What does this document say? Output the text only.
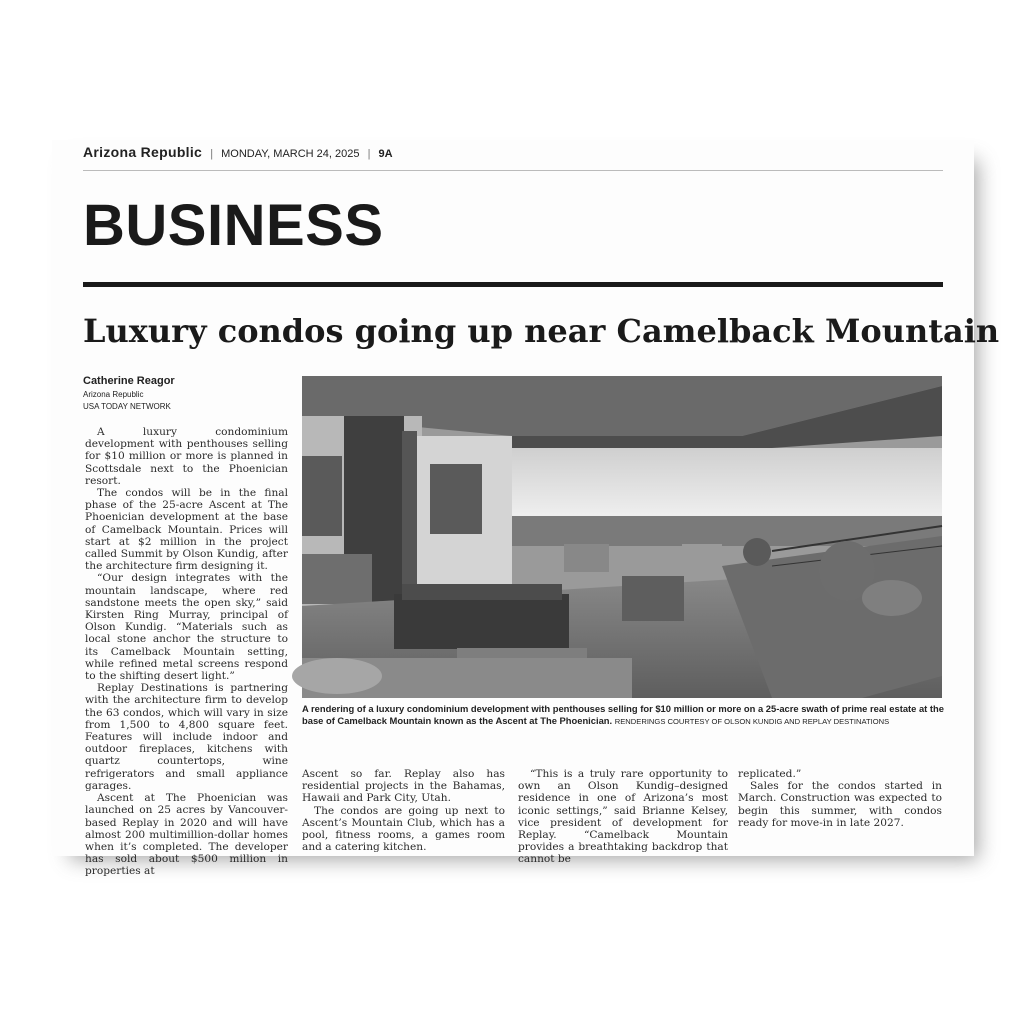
Arizona Republic | MONDAY, MARCH 24, 2025 | 9A
BUSINESS
Luxury condos going up near Camelback Mountain
Catherine Reagor
Arizona Republic
USA TODAY NETWORK

A luxury condominium development with penthouses selling for $10 million or more is planned in Scottsdale next to the Phoenician resort.

The condos will be in the final phase of the 25-acre Ascent at The Phoenician development at the base of Camelback Mountain. Prices will start at $2 million in the project called Summit by Olson Kundig, after the architecture firm designing it.

“Our design integrates with the mountain landscape, where red sandstone meets the open sky,” said Kirsten Ring Murray, principal of Olson Kundig. “Materials such as local stone anchor the structure to its Camelback Mountain setting, while refined metal screens respond to the shifting desert light.”

Replay Destinations is partnering with the architecture firm to develop the 63 condos, which will vary in size from 1,500 to 4,800 square feet. Features will include indoor and outdoor fireplaces, kitchens with quartz countertops, wine refrigerators and small appliance garages.

Ascent at The Phoenician was launched on 25 acres by Vancouver-based Replay in 2020 and will have almost 200 multimillion-dollar homes when it’s completed. The developer has sold about $500 million in properties at

A rendering of a luxury condominium development with penthouses selling for $10 million or more on a 25-acre swath of prime real estate at the base of Camelback Mountain known as the Ascent at The Phoenician. RENDERINGS COURTESY OF OLSON KUNDIG AND REPLAY DESTINATIONS

Ascent so far. Replay also has residential projects in the Bahamas, Hawaii and Park City, Utah.

The condos are going up next to Ascent’s Mountain Club, which has a pool, fitness rooms, a games room and a catering kitchen.

“This is a truly rare opportunity to own an Olson Kundig–designed residence in one of Arizona’s most iconic settings,” said Brianne Kelsey, vice president of development for Replay. “Camelback Mountain provides a breathtaking backdrop that cannot be

replicated.”

Sales for the condos started in March. Construction was expected to begin this summer, with condos ready for move-in in late 2027.
